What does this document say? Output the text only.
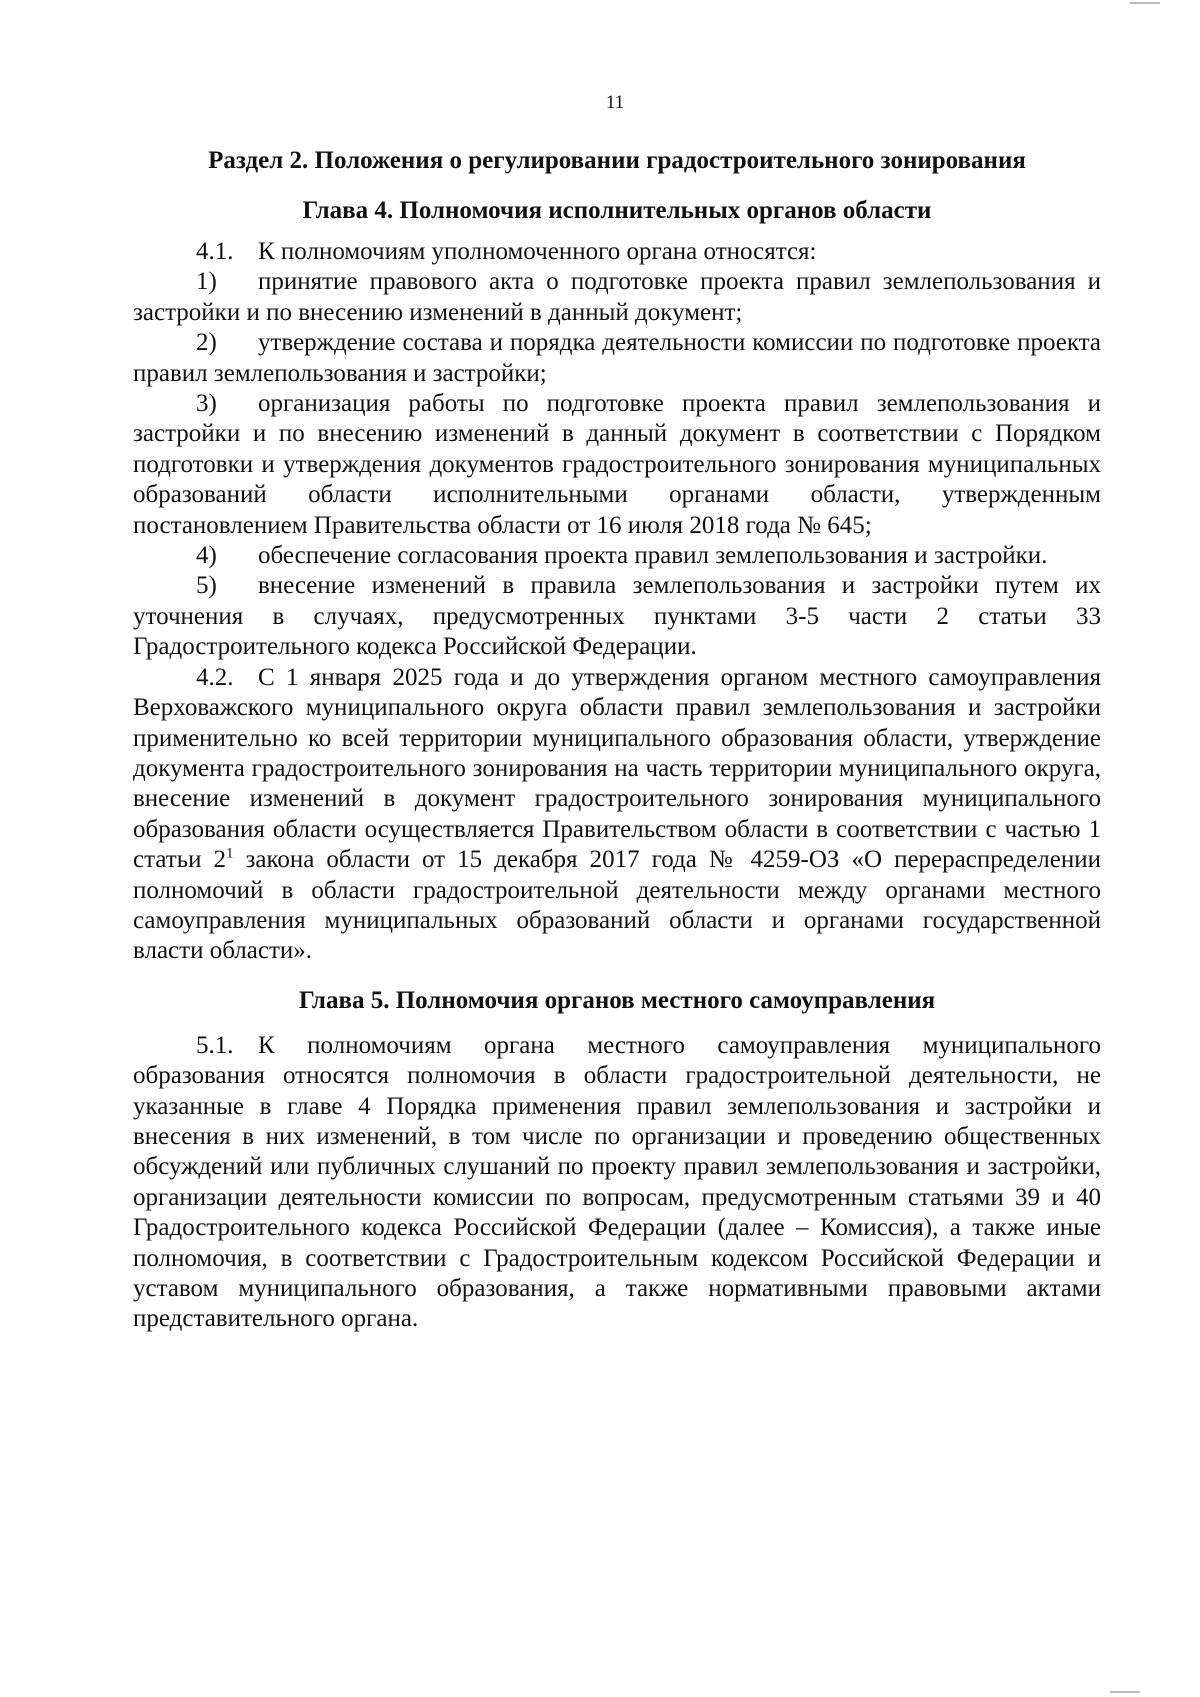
11

Раздел 2. Положения о регулировании градостроительного зонирования

Глава 4. Полномочия исполнительных органов области

4.1. К полномочиям уполномоченного органа относятся:

1) принятие правового акта о подготовке проекта правил землепользования и застройки и по внесению изменений в данный документ;

2) утверждение состава и порядка деятельности комиссии по подготовке проекта правил землепользования и застройки;

3) организация работы по подготовке проекта правил землепользования и застройки и по внесению изменений в данный документ в соответствии с Порядком подготовки и утверждения документов градостроительного зонирования муниципальных образований области исполнительными органами области, утвержденным постановлением Правительства области от 16 июля 2018 года № 645;

4) обеспечение согласования проекта правил землепользования и застройки.

5) внесение изменений в правила землепользования и застройки путем их уточнения в случаях, предусмотренных пунктами 3-5 части 2 статьи 33 Градостроительного кодекса Российской Федерации.

4.2. С 1 января 2025 года и до утверждения органом местного самоуправления Верховажского муниципального округа области правил землепользования и застройки применительно ко всей территории муниципального образования области, утверждение документа градостроительного зонирования на часть территории муниципального округа, внесение изменений в документ градостроительного зонирования муниципального образования области осуществляется Правительством области в соответствии с частью 1 статьи $2^1$ закона области от 15 декабря 2017 года № 4259-ОЗ «О перераспределении полномочий в области градостроительной деятельности между органами местного самоуправления муниципальных образований области и органами государственной власти области».

Глава 5. Полномочия органов местного самоуправления

5.1. К полномочиям органа местного самоуправления муниципального образования относятся полномочия в области градостроительной деятельности, не указанные в главе 4 Порядка применения правил землепользования и застройки и внесения в них изменений, в том числе по организации и проведению общественных обсуждений или публичных слушаний по проекту правил землепользования и застройки, организации деятельности комиссии по вопросам, предусмотренным статьями 39 и 40 Градостроительного кодекса Российской Федерации (далее – Комиссия), а также иные полномочия, в соответствии с Градостроительным кодексом Российской Федерации и уставом муниципального образования, а также нормативными правовыми актами представительного органа.
